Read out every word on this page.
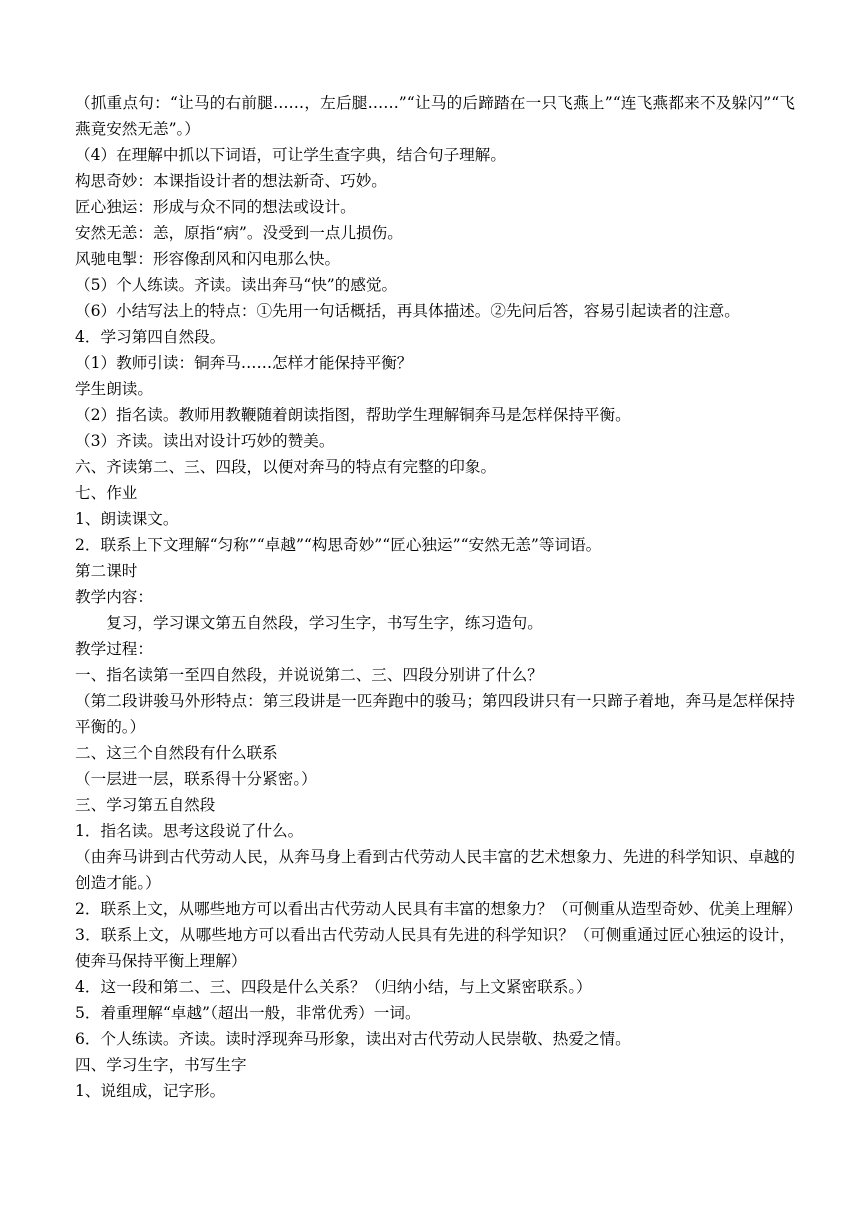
（抓重点句：“让马的右前腿……，左后腿……”“让马的后蹄踏在一只飞燕上”“连飞燕都来不及躲闪”“飞燕竟安然无恙”。）

（4）在理解中抓以下词语，可让学生查字典，结合句子理解。

构思奇妙：本课指设计者的想法新奇、巧妙。

匠心独运：形成与众不同的想法或设计。

安然无恙：恙，原指“病”。没受到一点儿损伤。

风驰电掣：形容像刮风和闪电那么快。

（5）个人练读。齐读。读出奔马“快”的感觉。

（6）小结写法上的特点：①先用一句话概括，再具体描述。②先问后答，容易引起读者的注意。

4．学习第四自然段。

（1）教师引读：铜奔马……怎样才能保持平衡？

学生朗读。

（2）指名读。教师用教鞭随着朗读指图，帮助学生理解铜奔马是怎样保持平衡。

（3）齐读。读出对设计巧妙的赞美。

六、齐读第二、三、四段，以便对奔马的特点有完整的印象。

七、作业

1、朗读课文。

2．联系上下文理解“匀称”“卓越”“构思奇妙”“匠心独运”“安然无恙”等词语。

第二课时

教学内容：

复习，学习课文第五自然段，学习生字，书写生字，练习造句。

教学过程：

一、指名读第一至四自然段，并说说第二、三、四段分别讲了什么？

（第二段讲骏马外形特点：第三段讲是一匹奔跑中的骏马；第四段讲只有一只蹄子着地，奔马是怎样保持平衡的。）

二、这三个自然段有什么联系

（一层进一层，联系得十分紧密。）

三、学习第五自然段

1．指名读。思考这段说了什么。

（由奔马讲到古代劳动人民，从奔马身上看到古代劳动人民丰富的艺术想象力、先进的科学知识、卓越的创造才能。）

2．联系上文，从哪些地方可以看出古代劳动人民具有丰富的想象力？（可侧重从造型奇妙、优美上理解）

3．联系上文，从哪些地方可以看出古代劳动人民具有先进的科学知识？（可侧重通过匠心独运的设计，使奔马保持平衡上理解）

4．这一段和第二、三、四段是什么关系？（归纳小结，与上文紧密联系。）

5．着重理解“卓越”（超出一般，非常优秀）一词。

6．个人练读。齐读。读时浮现奔马形象，读出对古代劳动人民崇敬、热爱之情。

四、学习生字，书写生字

1、说组成，记字形。
